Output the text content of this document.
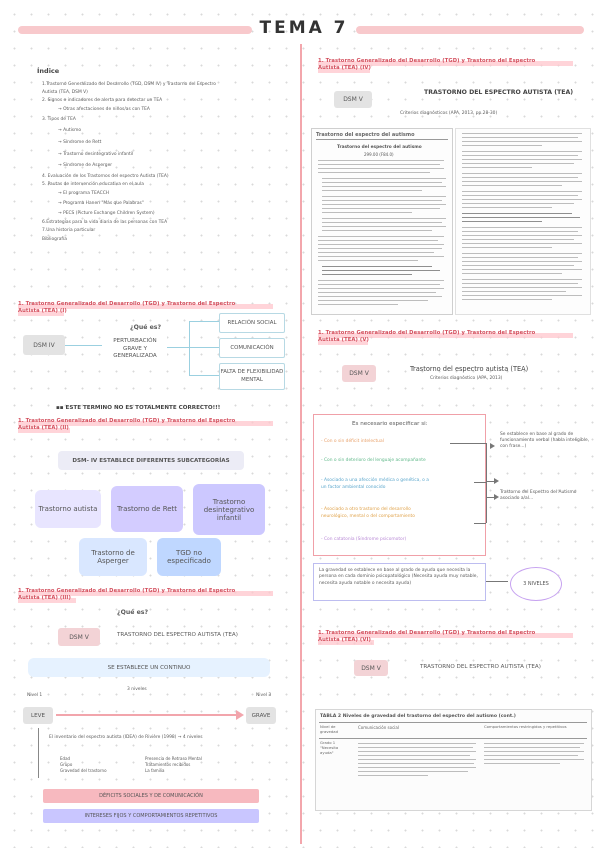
TEMA 7
Índice
1.Trastorno Generalizado del Desarrollo (TGD, DSM IV) y Trastorno del Espectro
Autista (TEA, DSM V)
2. Signos e indicadores de alerta para detectar un TEA
→ Otras afectaciones de niños/as con TEA
3. Tipos de TEA
→ Autismo
→ Síndrome de Rett
→ Trastorno desintegrativo infantil
→ Síndrome de Asperger
4. Evaluación de los Trastornos del espectro Autista (TEA)
5. Pautas de intervención educativa en el aula
→ El programa TEACCH
→ Programa Hanen "Más que Palabras"
→ PECS (Picture Exchange Children System)
6.Estrategias para la vida diaria de las personas con TEA
7.Una historia particular
Bibliografía
1. Trastorno Generalizado del Desarrollo (TGD) y Trastorno del Espectro
Autista (TEA) (I)
¿Qué es?
DSM IV
PERTURBACIÓN GRAVE Y GENERALIZADA
RELACIÓN SOCIAL
COMUNICACIÓN
FALTA DE FLEXIBILIDAD MENTAL
▪▪ ESTE TERMINO NO ES TOTALMENTE CORRECTO!!!
1. Trastorno Generalizado del Desarrollo (TGD) y Trastorno del Espectro
Autista (TEA) (II)
DSM- IV ESTABLECE DIFERENTES SUBCATEGORÍAS
Trastorno autista	Trastorno de Rett
Trastorno desintegrativo infantil
Trastorno de Asperger
TGD no especificado
1. Trastorno Generalizado del Desarrollo (TGD) y Trastorno del Espectro
Autista (TEA) (III)
¿Qué es?
DSM V	TRASTORNO DEL ESPECTRO AUTISTA (TEA)
SE ESTABLECE UN CONTINUO
3 niveles
Nivel 1	Nivel 3
LEVE	GRAVE
El inventario del espectro autista (IDEA) de Rivière (1998) → 4 niveles
Edad
Grupo
Gravedad del trastorno
Presencia de Retraso Mental
Tratamientos recibidos
La familia
DÉFICITS SOCIALES Y DE COMUNICACIÓN
INTERESES FIJOS Y COMPORTAMIENTOS REPETITIVOS
1. Trastorno Generalizado del Desarrollo (TGD) y Trastorno del Espectro
Autista (TEA) (IV)
DSM V
TRASTORNO DEL ESPECTRO AUTISTA (TEA)
Criterios diagnósticos (APA, 2013, pp.28-30)
Trastorno del espectro del autismo
Trastorno del espectro del autismo
299.00 (F84.0)
1. Trastorno Generalizado del Desarrollo (TGD) y Trastorno del Espectro
Autista (TEA) (V)
DSM V
Trastorno del espectro autista (TEA)
Criterios diagnóstico (APA, 2013)
Es necesario especificar si:
- Con o sin déficit intelectual
- Con o sin deterioro del lenguaje acompañante
- Asociado a una afección médica o genética, o a
un factor ambiental conocido
- Asociado a otro trastorno del desarrollo
neurológico, mental o del comportamiento
- Con catatonía (Síndrome psicomotor)
Se establece en base al grado de funcionamiento verbal (habla inteligible, con frase...)
Trastorno del Espectro del Autismo asociado a/al...
La gravedad se establece en base al grado de ayuda que necesita la persona en cada dominio psicopatológico (Necesita ayuda muy notable, necesita ayuda notable o necesita ayuda)	3 NIVELES
1. Trastorno Generalizado del Desarrollo (TGD) y Trastorno del Espectro
Autista (TEA) (VI)
DSM V	TRASTORNO DEL ESPECTRO AUTISTA (TEA)
TABLA 2 Niveles de gravedad del trastorno del espectro del autismo (cont.)
Nivel de gravedad
Comunicación social	Comportamientos restringidos y repetitivos
Grado 1 "Necesita ayuda"
